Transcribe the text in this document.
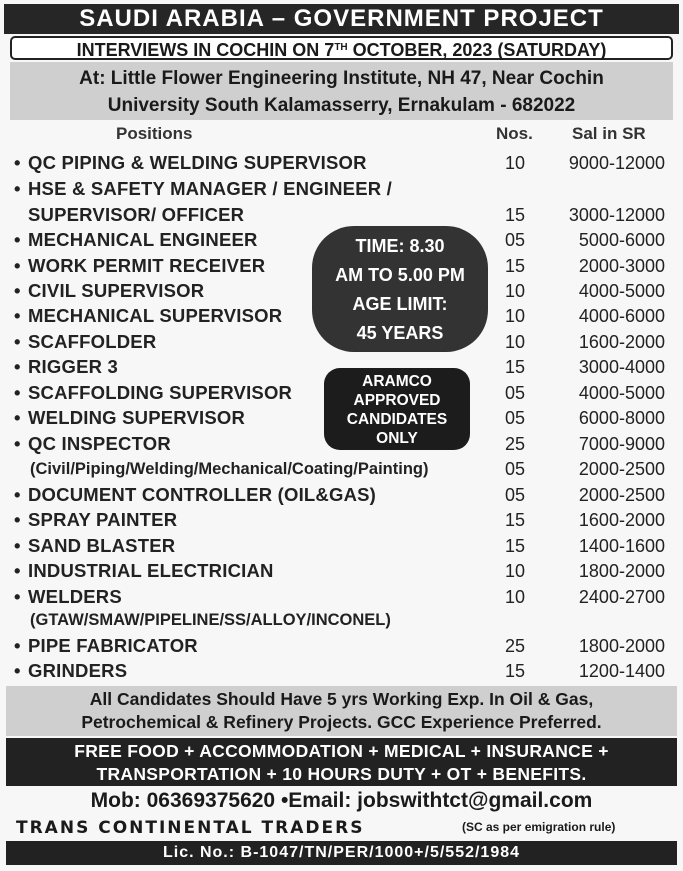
SAUDI ARABIA – GOVERNMENT PROJECT
INTERVIEWS IN COCHIN ON 7TH OCTOBER, 2023 (SATURDAY)
At: Little Flower Engineering Institute, NH 47, Near Cochin
University South Kalamasserry, Ernakulam - 682022
Positions	Nos. Sal in SR
• QC PIPING & WELDING SUPERVISOR	10	9000-12000
• HSE & SAFETY MANAGER / ENGINEER /
SUPERVISOR/ OFFICER	15	3000-12000
• MECHANICAL ENGINEER	05	5000-6000
• WORK PERMIT RECEIVER	15	2000-3000
• CIVIL SUPERVISOR	10	4000-5000
• MECHANICAL SUPERVISOR	10	4000-6000
• SCAFFOLDER	10	1600-2000
• RIGGER 3	15	3000-4000
• SCAFFOLDING SUPERVISOR	05	4000-5000
• WELDING SUPERVISOR	05	6000-8000
• QC INSPECTOR	25	7000-9000
(Civil/Piping/Welding/Mechanical/Coating/Painting)	05	2000-2500
• DOCUMENT CONTROLLER (OIL&GAS)	05	2000-2500
• SPRAY PAINTER	15	1600-2000
• SAND BLASTER	15	1400-1600
• INDUSTRIAL ELECTRICIAN	10	1800-2000
• WELDERS	10	2400-2700
(GTAW/SMAW/PIPELINE/SS/ALLOY/INCONEL)
• PIPE FABRICATOR	25	1800-2000
• GRINDERS	15	1200-1400
TIME: 8.30
AM TO 5.00 PM
AGE LIMIT:
45 YEARS
ARAMCO
APPROVED
CANDIDATES
ONLY
All Candidates Should Have 5 yrs Working Exp. In Oil & Gas,
Petrochemical & Refinery Projects. GCC Experience Preferred.
FREE FOOD + ACCOMMODATION + MEDICAL + INSURANCE +
TRANSPORTATION + 10 HOURS DUTY + OT + BENEFITS.
Mob: 06369375620 •Email: jobswithtct@gmail.com
TRANS CONTINENTAL TRADERS	(SC as per emigration rule)
Lic. No.: B-1047/TN/PER/1000+/5/552/1984
